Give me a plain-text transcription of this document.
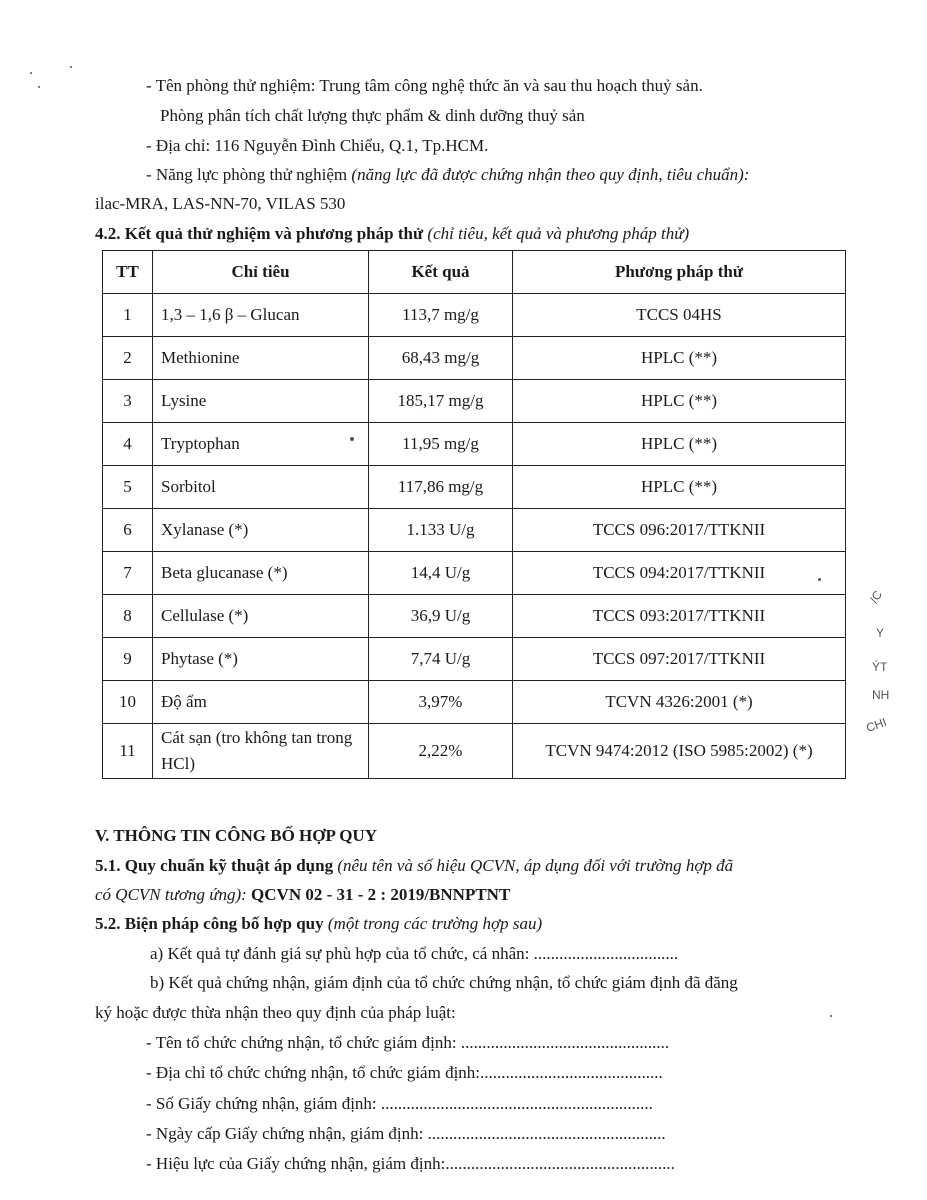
- Tên phòng thử nghiệm: Trung tâm công nghệ thức ăn và sau thu hoạch thuỷ sản.
Phòng phân tích chất lượng thực phẩm & dinh dưỡng thuỷ sản
- Địa chỉ: 116 Nguyễn Đình Chiểu, Q.1, Tp.HCM.
- Năng lực phòng thử nghiệm (năng lực đã được chứng nhận theo quy định, tiêu chuẩn):
ilac-MRA, LAS-NN-70, VILAS 530
4.2. Kết quả thử nghiệm và phương pháp thử (chỉ tiêu, kết quả và phương pháp thử)
TT	Chỉ tiêu	Kết quả	Phương pháp thử
1	1,3 – 1,6 β – Glucan	113,7 mg/g	TCCS 04HS
2	Methionine	68,43 mg/g	HPLC (**)
3	Lysine	185,17 mg/g	HPLC (**)
4	Tryptophan	11,95 mg/g	HPLC (**)
5	Sorbitol	117,86 mg/g	HPLC (**)
6	Xylanase (*)	1.133 U/g	TCCS 096:2017/TTKNII
7	Beta glucanase (*)	14,4 U/g	TCCS 094:2017/TTKNII
8	Cellulase (*)	36,9 U/g	TCCS 093:2017/TTKNII
9	Phytase (*)	7,74 U/g	TCCS 097:2017/TTKNII
10	Độ ẩm	3,97%	TCVN 4326:2001 (*)
11	Cát sạn (tro không tan trong HCl)	2,22%	TCVN 9474:2012 (ISO 5985:2002) (*)
V. THÔNG TIN CÔNG BỐ HỢP QUY
5.1. Quy chuẩn kỹ thuật áp dụng (nêu tên và số hiệu QCVN, áp dụng đối với trường hợp đã
có QCVN tương ứng): QCVN 02 - 31 - 2 : 2019/BNNPTNT
5.2. Biện pháp công bố hợp quy (một trong các trường hợp sau)
a) Kết quả tự đánh giá sự phù hợp của tổ chức, cá nhân: ..................................
b) Kết quả chứng nhận, giám định của tổ chức chứng nhận, tổ chức giám định đã đăng
ký hoặc được thừa nhận theo quy định của pháp luật:
- Tên tổ chức chứng nhận, tổ chức giám định: .................................................
- Địa chỉ tổ chức chứng nhận, tổ chức giám định:...........................................
- Số Giấy chứng nhận, giám định: ................................................................
- Ngày cấp Giấy chứng nhận, giám định: ........................................................
- Hiệu lực của Giấy chứng nhận, giám định:......................................................
/C
Y
ÝT
NH
CHI
